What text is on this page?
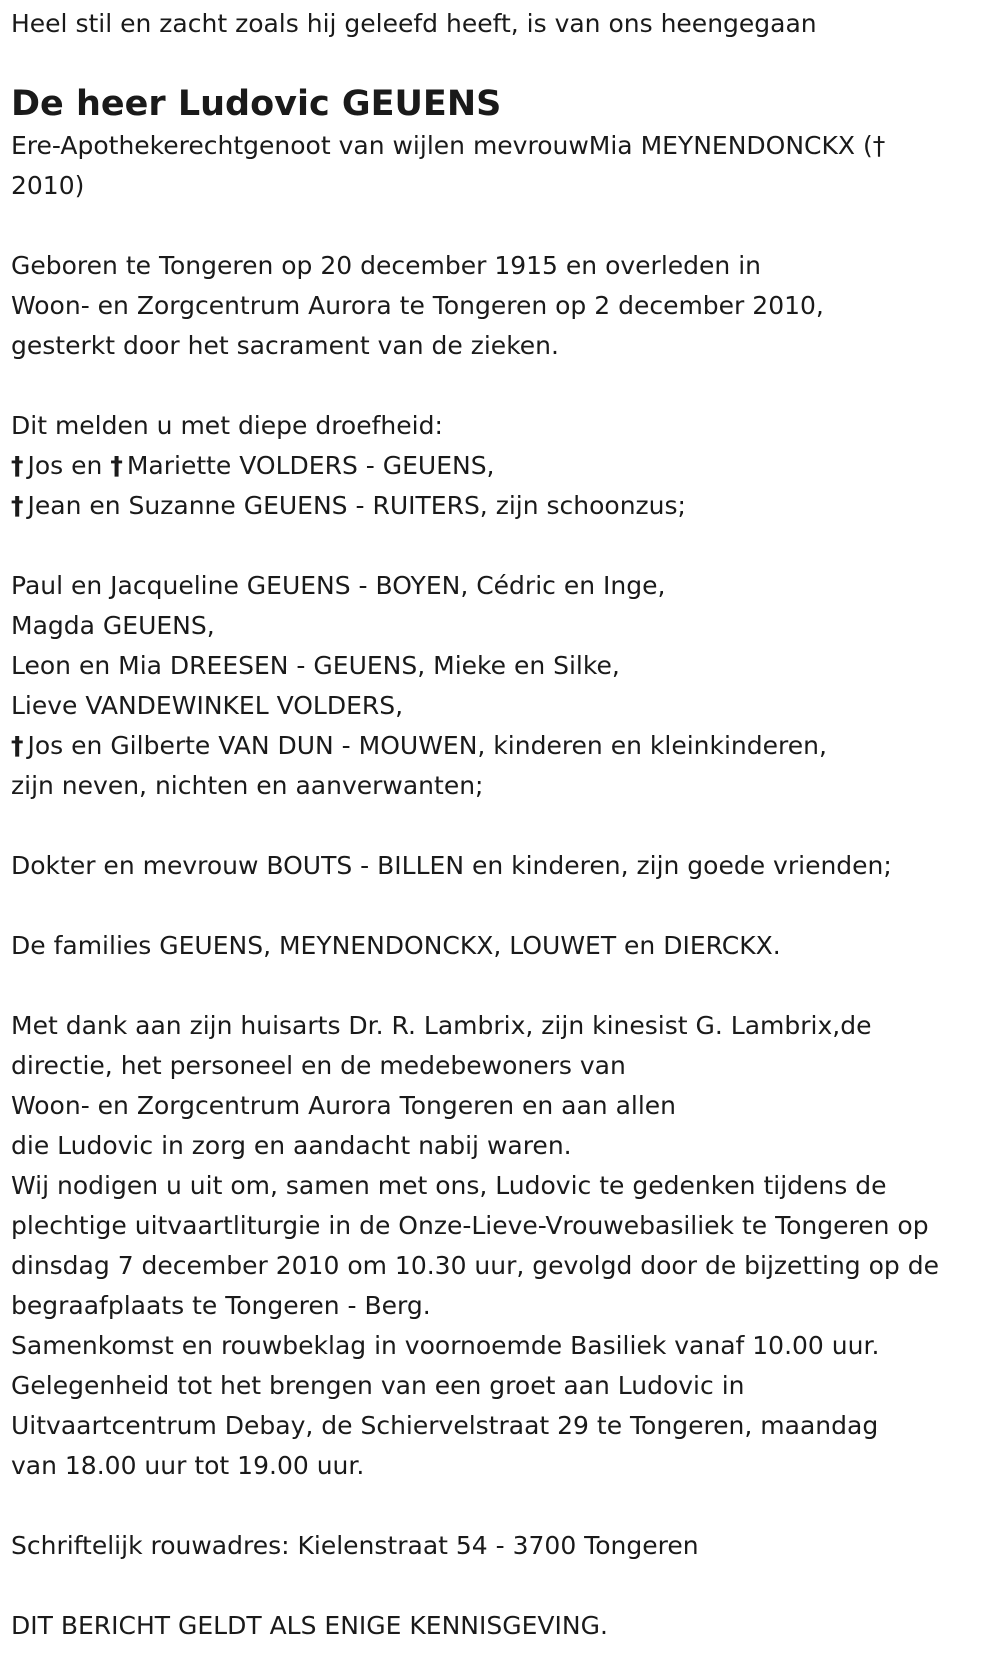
Heel stil en zacht zoals hij geleefd heeft, is van ons heengegaan

De heer Ludovic GEUENS

Ere-Apothekerechtgenoot van wijlen mevrouwMia MEYNENDONCKX (†

2010)

Geboren te Tongeren op 20 december 1915 en overleden in

Woon- en Zorgcentrum Aurora te Tongeren op 2 december 2010,

gesterkt door het sacrament van de zieken.

Dit melden u met diepe droefheid:

†Jos en † Mariette VOLDERS - GEUENS,

†Jean en Suzanne GEUENS - RUITERS, zijn schoonzus;

Paul en Jacqueline GEUENS - BOYEN, Cédric en Inge,

Magda GEUENS,

Leon en Mia DREESEN - GEUENS, Mieke en Silke,

Lieve VANDEWINKEL VOLDERS,

†Jos en Gilberte VAN DUN - MOUWEN, kinderen en kleinkinderen,

zijn neven, nichten en aanverwanten;

Dokter en mevrouw BOUTS - BILLEN en kinderen, zijn goede vrienden;

De families GEUENS, MEYNENDONCKX, LOUWET en DIERCKX.

Met dank aan zijn huisarts Dr. R. Lambrix, zijn kinesist G. Lambrix,de

directie, het personeel en de medebewoners van

Woon- en Zorgcentrum Aurora Tongeren en aan allen

die Ludovic in zorg en aandacht nabij waren.

Wij nodigen u uit om, samen met ons, Ludovic te gedenken tijdens de

plechtige uitvaartliturgie in de Onze-Lieve-Vrouwebasiliek te Tongeren op

dinsdag 7 december 2010 om 10.30 uur, gevolgd door de bijzetting op de

begraafplaats te Tongeren - Berg.

Samenkomst en rouwbeklag in voornoemde Basiliek vanaf 10.00 uur.

Gelegenheid tot het brengen van een groet aan Ludovic in

Uitvaartcentrum Debay, de Schiervelstraat 29 te Tongeren, maandag

van 18.00 uur tot 19.00 uur.

Schriftelijk rouwadres: Kielenstraat 54 - 3700 Tongeren

DIT BERICHT GELDT ALS ENIGE KENNISGEVING.
